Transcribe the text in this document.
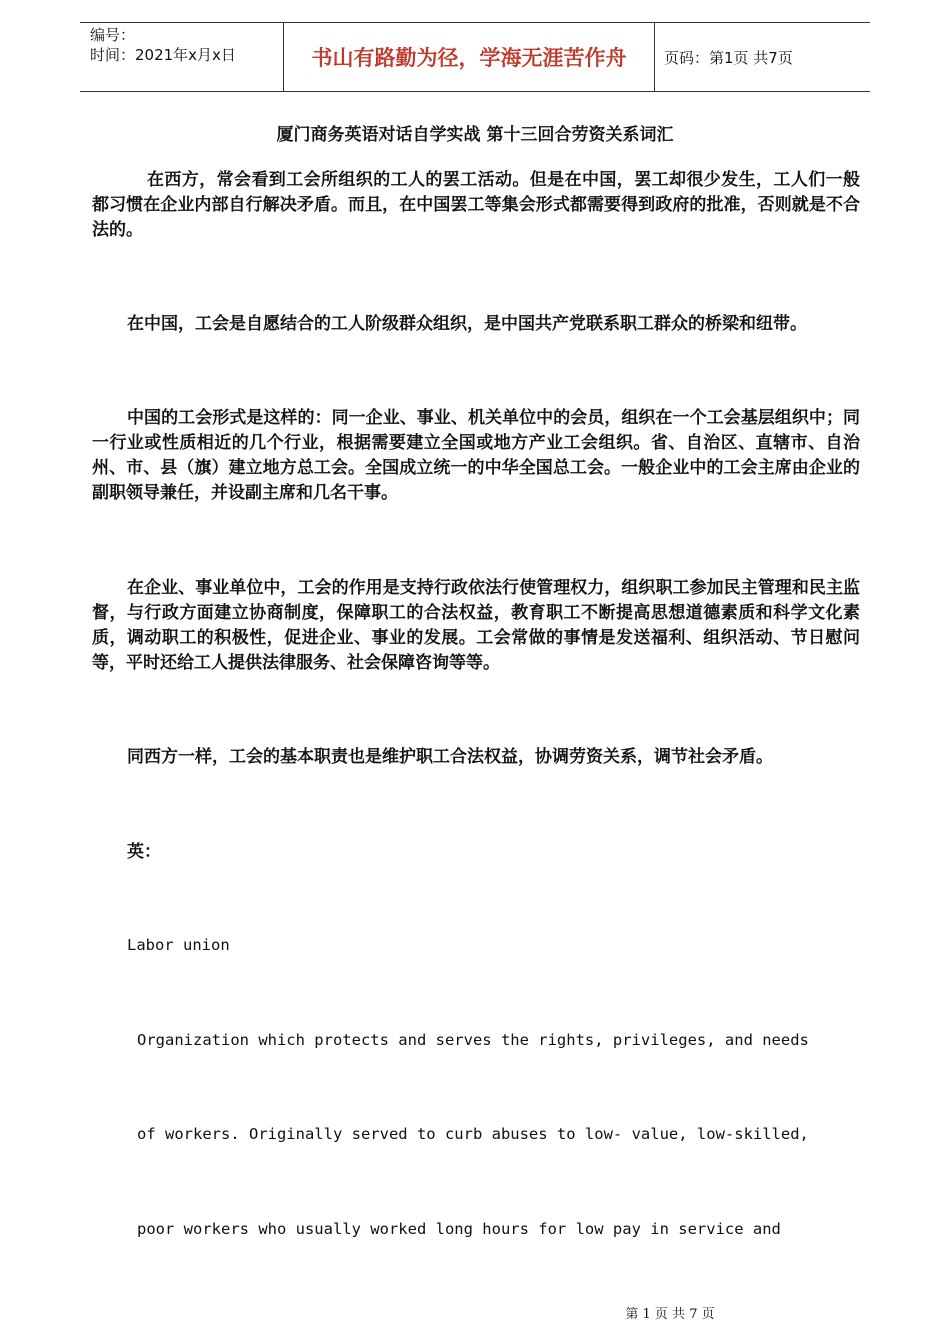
编号：
时间：2021年x月x日	书山有路勤为径，学海无涯苦作舟	页码：第1页 共7页
厦门商务英语对话自学实战 第十三回合劳资关系词汇

在西方，常会看到工会所组织的工人的罢工活动。但是在中国，罢工却很少发生，工人们一般都习惯在企业内部自行解决矛盾。而且，在中国罢工等集会形式都需要得到政府的批准，否则就是不合法的。

在中国，工会是自愿结合的工人阶级群众组织，是中国共产党联系职工群众的桥梁和纽带。

中国的工会形式是这样的：同一企业、事业、机关单位中的会员，组织在一个工会基层组织中；同一行业或性质相近的几个行业，根据需要建立全国或地方产业工会组织。省、自治区、直辖市、自治州、市、县（旗）建立地方总工会。全国成立统一的中华全国总工会。一般企业中的工会主席由企业的副职领导兼任，并设副主席和几名干事。

在企业、事业单位中，工会的作用是支持行政依法行使管理权力，组织职工参加民主管理和民主监督，与行政方面建立协商制度，保障职工的合法权益，教育职工不断提高思想道德素质和科学文化素质，调动职工的积极性，促进企业、事业的发展。工会常做的事情是发送福利、组织活动、节日慰问等，平时还给工人提供法律服务、社会保障咨询等等。

同西方一样，工会的基本职责也是维护职工合法权益，协调劳资关系，调节社会矛盾。

英：

Labor union

Organization which protects and serves the rights, privileges, and needs

of workers. Originally served to curb abuses to low- value, low-skilled,

poor workers who usually worked long hours for low pay in service and

第 1 页 共 7 页
